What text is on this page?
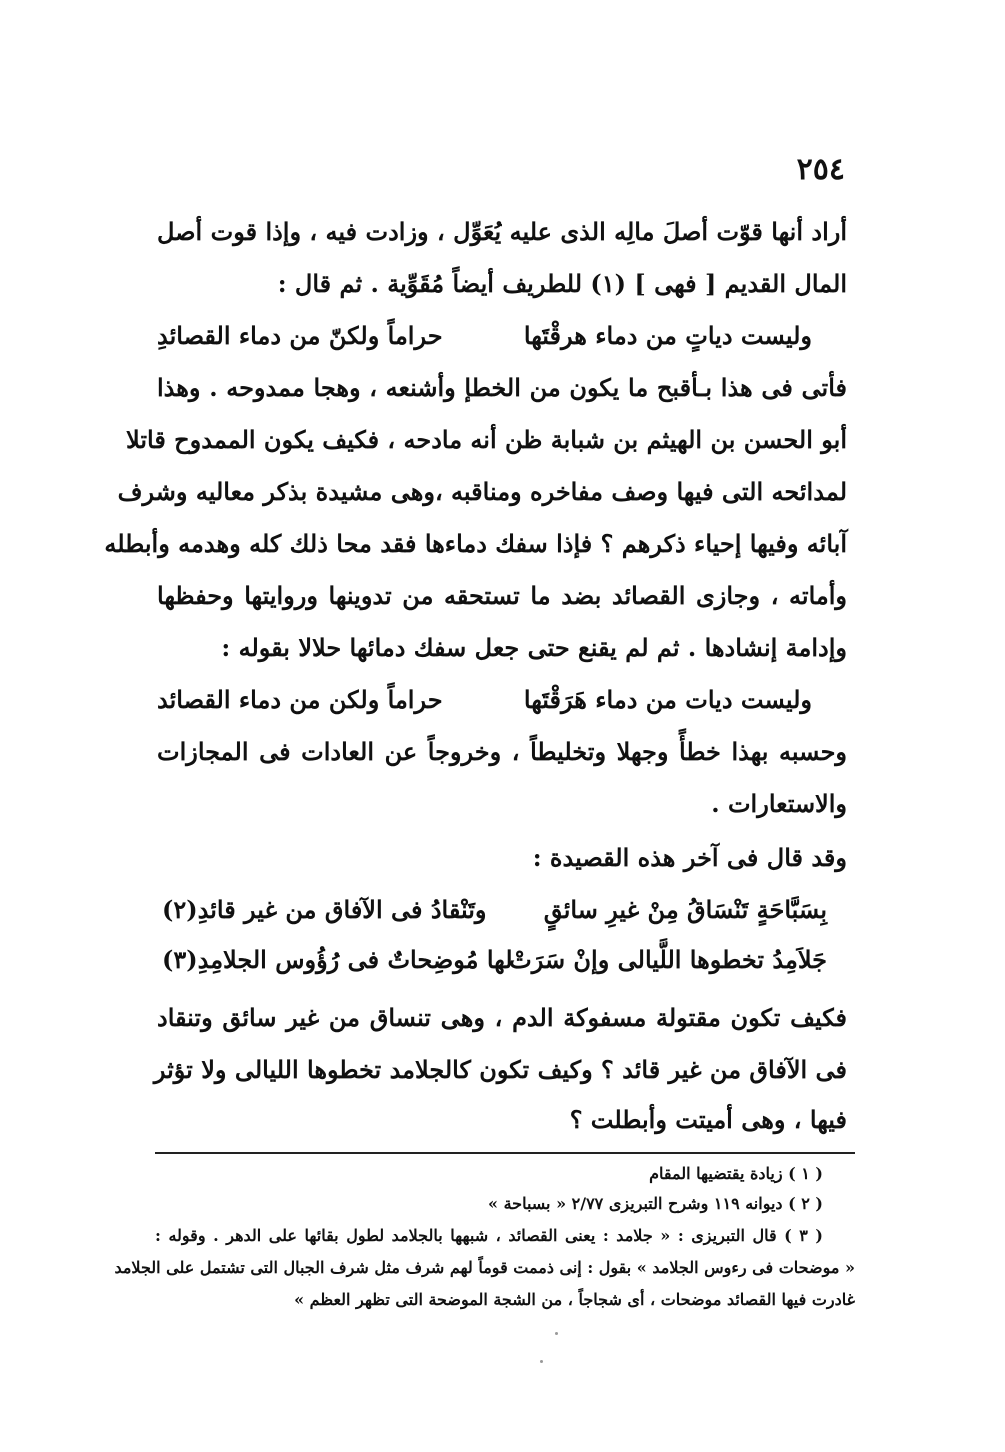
٢٥٤
أراد أنها قوّت أصلَ مالِه الذى عليه يُعَوِّل ، وزادت فيه ، وإذا قوت أصل
المال القديم [ فهى ] (١) للطريف أيضاً مُقَوِّية . ثم قال :
وليست دياتٍ من دماء هرقْتَها
حراماً ولكنّ من دماء القصائدِ
فأتى فى هذا بـأقبح ما يكون من الخطإ وأشنعه ، وهجا ممدوحه . وهذا
أبو الحسن بن الهيثم بن شبابة ظن أنه مادحه ، فكيف يكون الممدوح قاتلا
لمدائحه التى فيها وصف مفاخره ومناقبه ،وهى مشيدة بذكر معاليه وشرف
آبائه وفيها إحياء ذكرهم ؟ فإذا سفك دماءها فقد محا ذلك كله وهدمه وأبطله
وأماته ، وجازى القصائد بضد ما تستحقه من تدوينها وروايتها وحفظها
وإدامة إنشادها . ثم لم يقنع حتى جعل سفك دمائها حلالا بقوله :
وليست ديات من دماء هَرَقْتَها
حراماً ولكن من دماء القصائد
وحسبه بهذا خطأً وجهلا وتخليطاً ، وخروجاً عن العادات فى المجازات
والاستعارات .
وقد قال فى آخر هذه القصيدة :
بِسَبَّاحَةٍ تَنْسَاقُ مِنْ غيرِ سائقٍ
وتَنْقادُ فى الآفاق من غير قائدِ(٢)
جَلاَمِدُ تخطوها اللَّيالى وإنْ سَرَتْ
لها مُوضِحاتٌ فى رُؤُوس الجلامِدِ(٣)
فكيف تكون مقتولة مسفوكة الدم ، وهى تنساق من غير سائق وتنقاد
فى الآفاق من غير قائد ؟ وكيف تكون كالجلامد تخطوها الليالى ولا تؤثر
فيها ، وهى أميتت وأبطلت ؟
( ١ ) زيادة يقتضيها المقام
( ٢ ) ديوانه ١١٩ وشرح التبريزى ٢/٧٧ « بسباحة »
( ٣ ) قال التبريزى : « جلامد : يعنى القصائد ، شبهها بالجلامد لطول بقائها على الدهر . وقوله :
« موضحات فى رءوس الجلامد » بقول : إنى ذممت قوماً لهم شرف مثل شرف الجبال التى تشتمل على الجلامد
غادرت فيها القصائد موضحات ، أى شجاجاً ، من الشجة الموضحة التى تظهر العظم »
